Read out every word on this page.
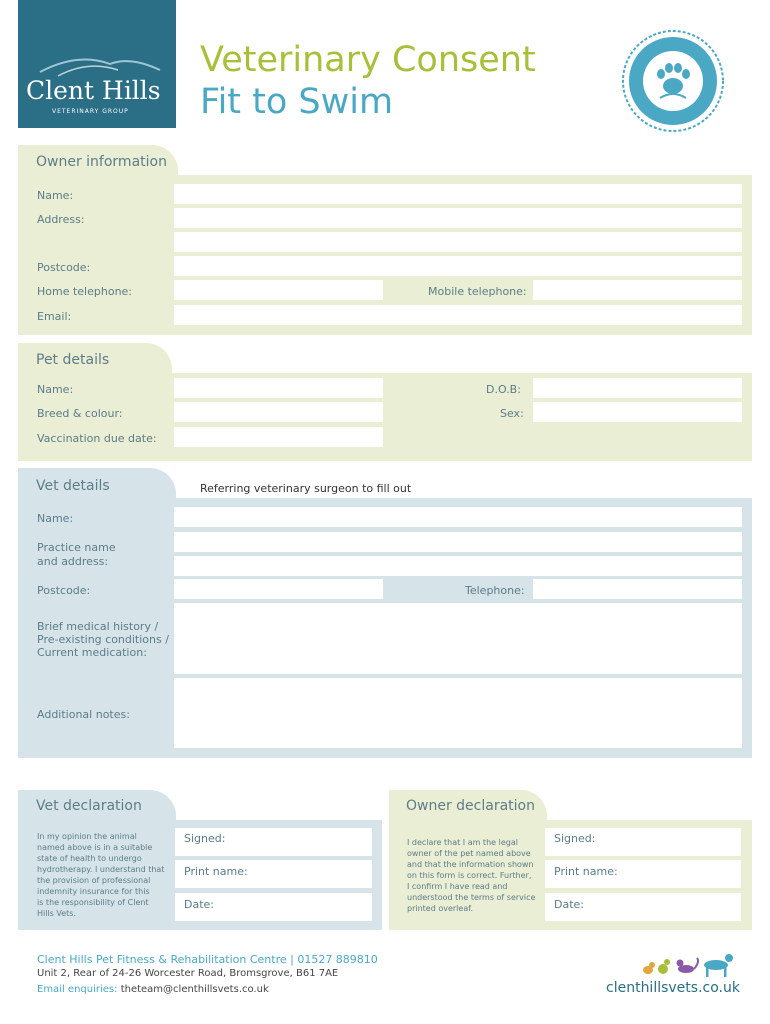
Clent Hills
VETERINARY GROUP
Veterinary Consent
Fit to Swim
Owner information
Name:
Address:
Postcode:
Home telephone:	Mobile telephone:
Email:
Pet details
Name:	D.O.B:
Breed & colour:	Sex:
Vaccination due date:
Vet details	Referring veterinary surgeon to fill out
Name:
Practice name
and address:
Postcode:	Telephone:
Brief medical history /
Pre-existing conditions /
Current medication:
Additional notes:
Vet declaration
In my opinion the animal
named above is in a suitable
state of health to undergo
hydrotherapy. I understand that
the provision of professional
indemnity insurance for this
is the responsibility of Clent
Hills Vets.
Signed:
Print name:
Date:
Owner declaration
I declare that I am the legal
owner of the pet named above
and that the information shown
on this form is correct. Further,
I confirm I have read and
understood the terms of service
printed overleaf.
Signed:
Print name:
Date:
Clent Hills Pet Fitness & Rehabilitation Centre | 01527 889810
Unit 2, Rear of 24-26 Worcester Road, Bromsgrove, B61 7AE
Email enquiries: theteam@clenthillsvets.co.uk	clenthillsvets.co.uk
